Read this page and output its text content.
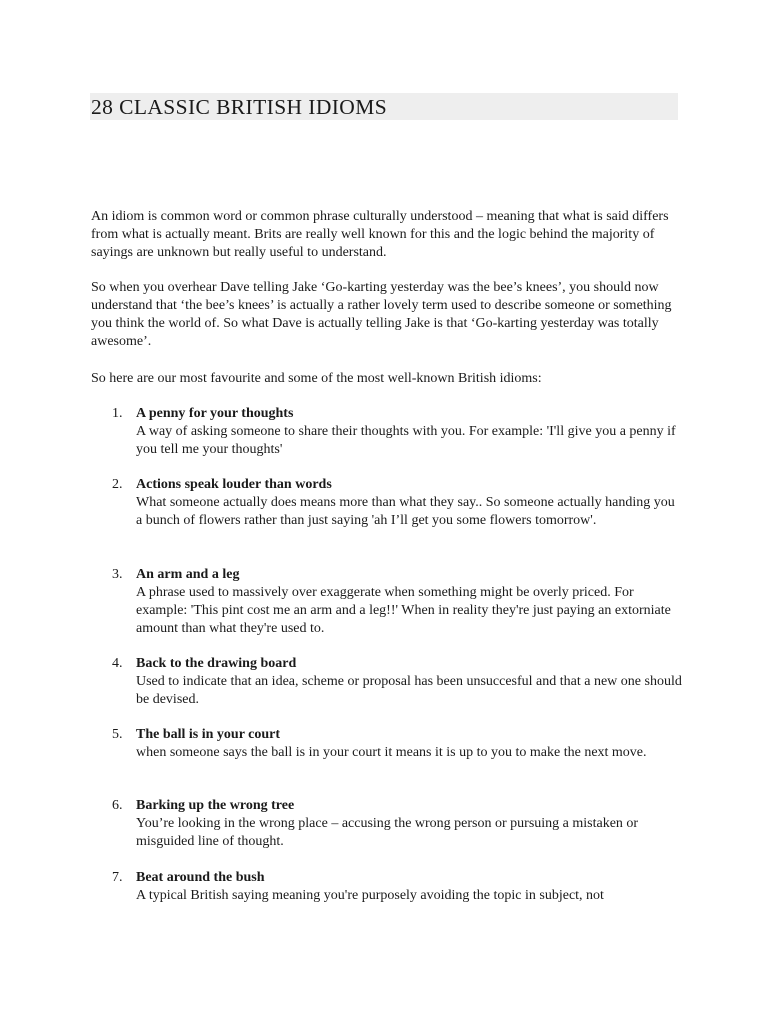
28 CLASSIC BRITISH IDIOMS

An idiom is common word or common phrase culturally understood – meaning that what is said differs from what is actually meant. Brits are really well known for this and the logic behind the majority of sayings are unknown but really useful to understand.

So when you overhear Dave telling Jake ‘Go-karting yesterday was the bee’s knees’, you should now understand that ‘the bee’s knees’ is actually a rather lovely term used to describe someone or something you think the world of. So what Dave is actually telling Jake is that ‘Go-karting yesterday was totally awesome’.

So here are our most favourite and some of the most well-known British idioms:

1. A penny for your thoughts

A way of asking someone to share their thoughts with you. For example: 'I'll give you a penny if you tell me your thoughts'

2. Actions speak louder than words

What someone actually does means more than what they say.. So someone actually handing you a bunch of flowers rather than just saying 'ah I’ll get you some flowers tomorrow'.

3. An arm and a leg

A phrase used to massively over exaggerate when something might be overly priced. For example: 'This pint cost me an arm and a leg!!' When in reality they're just paying an extorniate amount than what they're used to.

4. Back to the drawing board

Used to indicate that an idea, scheme or proposal has been unsuccesful and that a new one should be devised.

5. The ball is in your court

when someone says the ball is in your court it means it is up to you to make the next move.

6. Barking up the wrong tree

You’re looking in the wrong place – accusing the wrong person or pursuing a mistaken or misguided line of thought.

7. Beat around the bush

A typical British saying meaning you're purposely avoiding the topic in subject, not
